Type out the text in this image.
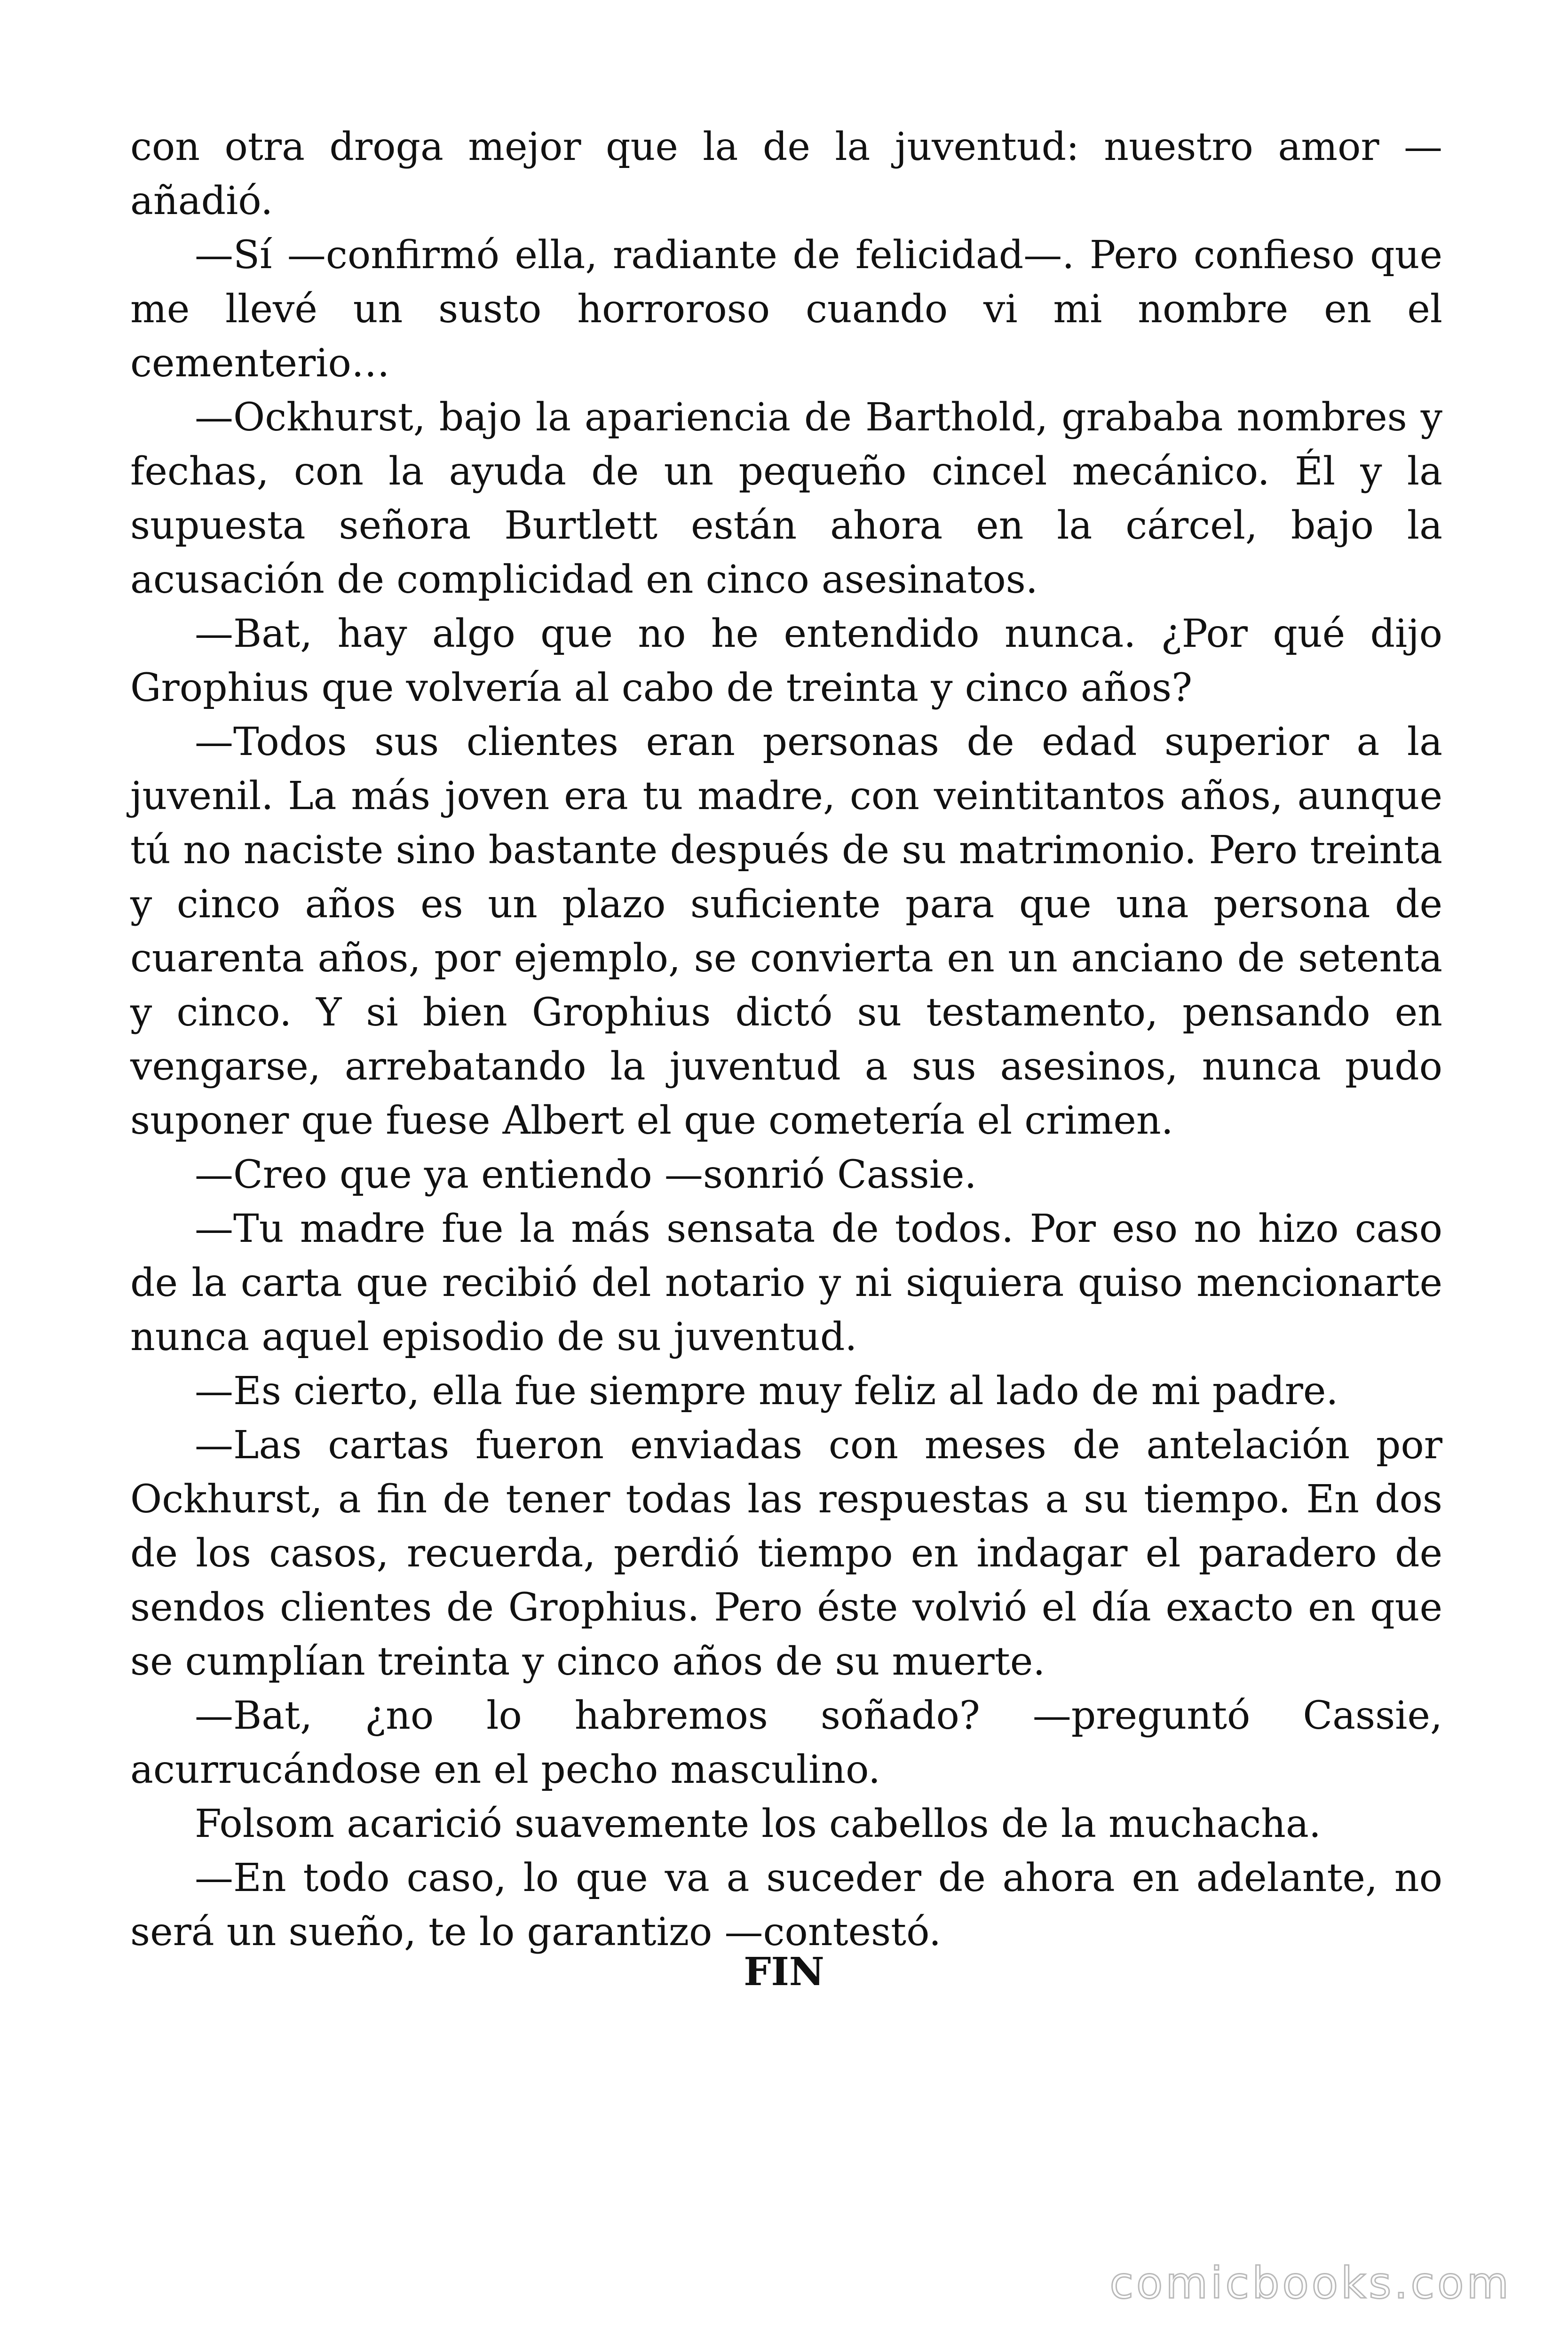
con otra droga mejor que la de la juventud: nuestro amor —añadió.

—Sí —confirmó ella, radiante de felicidad—. Pero confieso que me llevé un susto horroroso cuando vi mi nombre en el cementerio…

—Ockhurst, bajo la apariencia de Barthold, grababa nombres y fechas, con la ayuda de un pequeño cincel mecánico. Él y la supuesta señora Burtlett están ahora en la cárcel, bajo la acusación de complicidad en cinco asesinatos.

—Bat, hay algo que no he entendido nunca. ¿Por qué dijo Grophius que volvería al cabo de treinta y cinco años?

—Todos sus clientes eran personas de edad superior a la juvenil. La más joven era tu madre, con veintitantos años, aunque tú no naciste sino bastante después de su matrimonio. Pero treinta y cinco años es un plazo suficiente para que una persona de cuarenta años, por ejemplo, se convierta en un anciano de setenta y cinco. Y si bien Grophius dictó su testamento, pensando en vengarse, arrebatando la juventud a sus asesinos, nunca pudo suponer que fuese Albert el que cometería el crimen.

—Creo que ya entiendo —sonrió Cassie.

—Tu madre fue la más sensata de todos. Por eso no hizo caso de la carta que recibió del notario y ni siquiera quiso mencionarte nunca aquel episodio de su juventud.

—Es cierto, ella fue siempre muy feliz al lado de mi padre.

—Las cartas fueron enviadas con meses de antelación por Ockhurst, a fin de tener todas las respuestas a su tiempo. En dos de los casos, recuerda, perdió tiempo en indagar el paradero de sendos clientes de Grophius. Pero éste volvió el día exacto en que se cumplían treinta y cinco años de su muerte.

—Bat, ¿no lo habremos soñado? —preguntó Cassie, acurrucándose en el pecho masculino.

Folsom acarició suavemente los cabellos de la muchacha.

—En todo caso, lo que va a suceder de ahora en adelante, no será un sueño, te lo garantizo —contestó.

FIN
comicbooks.com
